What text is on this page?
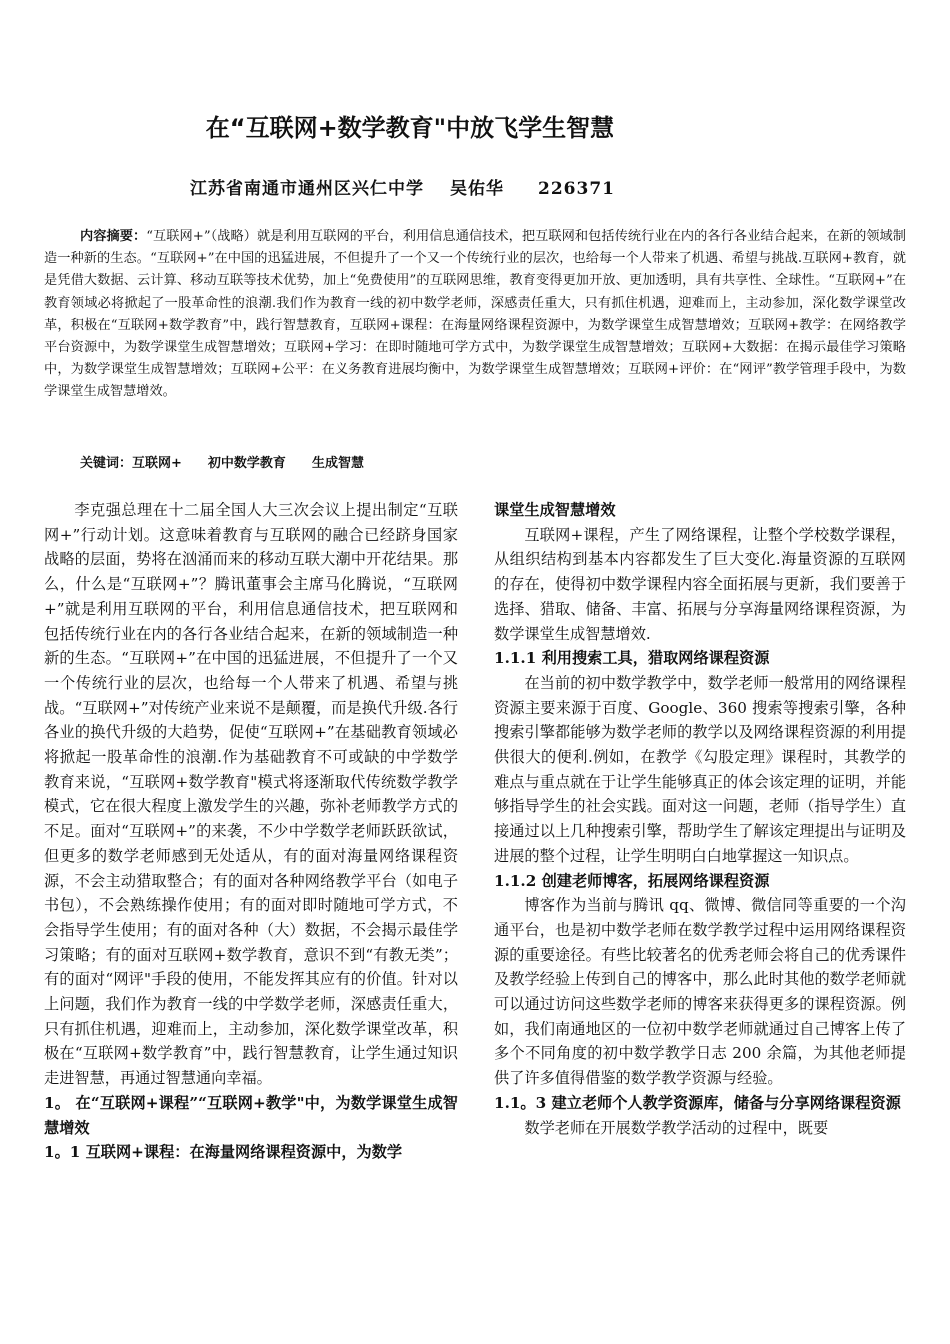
在“互联网+数学教育"中放飞学生智慧
江苏省南通市通州区兴仁中学 吴佑华 226371
内容摘要：“互联网+”（战略）就是利用互联网的平台，利用信息通信技术，把互联网和包括传统行业在内的各行各业结合起来，在新的领域制造一种新的生态。“互联网+”在中国的迅猛进展，不但提升了一个又一个传统行业的层次，也给每一个人带来了机遇、希望与挑战.互联网+教育，就是凭借大数据、云计算、移动互联等技术优势，加上“免费使用”的互联网思维，教育变得更加开放、更加透明，具有共享性、全球性。“互联网+”在教育领域必将掀起了一股革命性的浪潮.我们作为教育一线的初中数学老师，深感责任重大，只有抓住机遇，迎难而上，主动参加，深化数学课堂改革，积极在“互联网+数学教育”中，践行智慧教育，互联网+课程：在海量网络课程资源中，为数学课堂生成智慧增效；互联网+教学：在网络教学平台资源中，为数学课堂生成智慧增效；互联网+学习：在即时随地可学方式中，为数学课堂生成智慧增效；互联网+大数据：在揭示最佳学习策略中，为数学课堂生成智慧增效；互联网+公平：在义务教育进展均衡中，为数学课堂生成智慧增效；互联网+评价：在“网评”教学管理手段中，为数学课堂生成智慧增效。
关键词：互联网+ 初中数学教育 生成智慧

李克强总理在十二届全国人大三次会议上提出制定“互联网+”行动计划。这意味着教育与互联网的融合已经跻身国家战略的层面，势将在汹涌而来的移动互联大潮中开花结果。那么，什么是“互联网+”？腾讯董事会主席马化腾说，“互联网+”就是利用互联网的平台，利用信息通信技术，把互联网和包括传统行业在内的各行各业结合起来，在新的领域制造一种新的生态。“互联网+”在中国的迅猛进展，不但提升了一个又一个传统行业的层次，也给每一个人带来了机遇、希望与挑战。“互联网+”对传统产业来说不是颠覆，而是换代升级.各行各业的换代升级的大趋势，促使“互联网+”在基础教育领域必将掀起一股革命性的浪潮.作为基础教育不可或缺的中学数学教育来说，“互联网+数学教育"模式将逐渐取代传统数学教学模式，它在很大程度上激发学生的兴趣，弥补老师教学方式的不足。面对“互联网+”的来袭，不少中学数学老师跃跃欲试，但更多的数学老师感到无处适从，有的面对海量网络课程资源，不会主动猎取整合；有的面对各种网络教学平台（如电子书包），不会熟练操作使用；有的面对即时随地可学方式，不会指导学生使用；有的面对各种（大）数据，不会揭示最佳学习策略；有的面对互联网+数学教育，意识不到“有教无类”；有的面对“网评"手段的使用，不能发挥其应有的价值。针对以上问题，我们作为教育一线的中学数学老师，深感责任重大，只有抓住机遇，迎难而上，主动参加，深化数学课堂改革，积极在“互联网+数学教育”中，践行智慧教育，让学生通过知识走进智慧，再通过智慧通向幸福。

1。 在“互联网+课程”“互联网+教学"中，为数学课堂生成智慧增效

1。1 互联网+课程：在海量网络课程资源中，为数学

课堂生成智慧增效

互联网+课程，产生了网络课程，让整个学校数学课程，从组织结构到基本内容都发生了巨大变化.海量资源的互联网的存在，使得初中数学课程内容全面拓展与更新，我们要善于选择、猎取、储备、丰富、拓展与分享海量网络课程资源，为数学课堂生成智慧增效.

1.1.1 利用搜索工具，猎取网络课程资源

在当前的初中数学教学中，数学老师一般常用的网络课程资源主要来源于百度、Google、360 搜索等搜索引擎，各种搜索引擎都能够为数学老师的教学以及网络课程资源的利用提供很大的便利.例如，在教学《勾股定理》课程时，其教学的难点与重点就在于让学生能够真正的体会该定理的证明，并能够指导学生的社会实践。面对这一问题，老师（指导学生）直接通过以上几种搜索引擎，帮助学生了解该定理提出与证明及进展的整个过程，让学生明明白白地掌握这一知识点。

1.1.2 创建老师博客，拓展网络课程资源

博客作为当前与腾讯 qq、微博、微信同等重要的一个沟通平台，也是初中数学老师在数学教学过程中运用网络课程资源的重要途径。有些比较著名的优秀老师会将自己的优秀课件及教学经验上传到自己的博客中，那么此时其他的数学老师就可以通过访问这些数学老师的博客来获得更多的课程资源。例如，我们南通地区的一位初中数学老师就通过自己博客上传了多个不同角度的初中数学教学日志 200 余篇，为其他老师提供了许多值得借鉴的数学教学资源与经验。

1.1。3 建立老师个人教学资源库，储备与分享网络课程资源

数学老师在开展数学教学活动的过程中，既要
